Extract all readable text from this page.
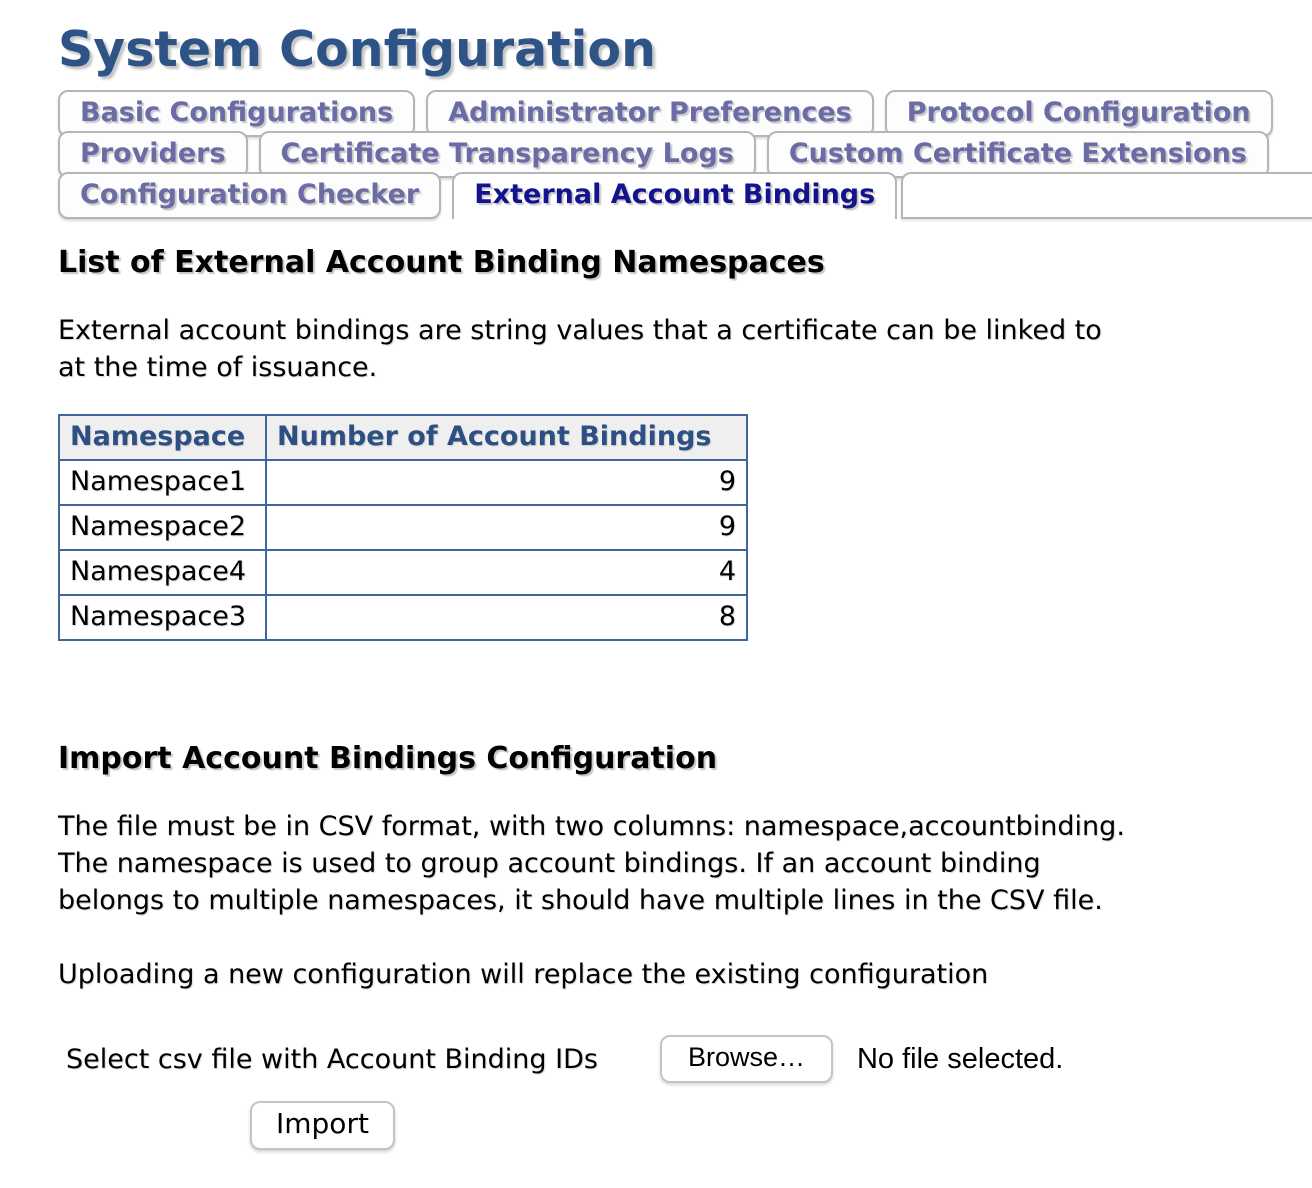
System Configuration
Basic Configurations	Administrator Preferences	Protocol Configuration
Providers	Certificate Transparency Logs	Custom Certificate Extensions
Configuration Checker	External Account Bindings
List of External Account Binding Namespaces
External account bindings are string values that a certificate can be linked to
at the time of issuance.
Namespace	Number of Account Bindings
Namespace1	9
Namespace2	9
Namespace4	4
Namespace3	8
Import Account Bindings Configuration
The file must be in CSV format, with two columns: namespace,accountbinding.
The namespace is used to group account bindings. If an account binding
belongs to multiple namespaces, it should have multiple lines in the CSV file.
Uploading a new configuration will replace the existing configuration
Select csv file with Account Binding IDs	Browse…	No file selected.
Import
